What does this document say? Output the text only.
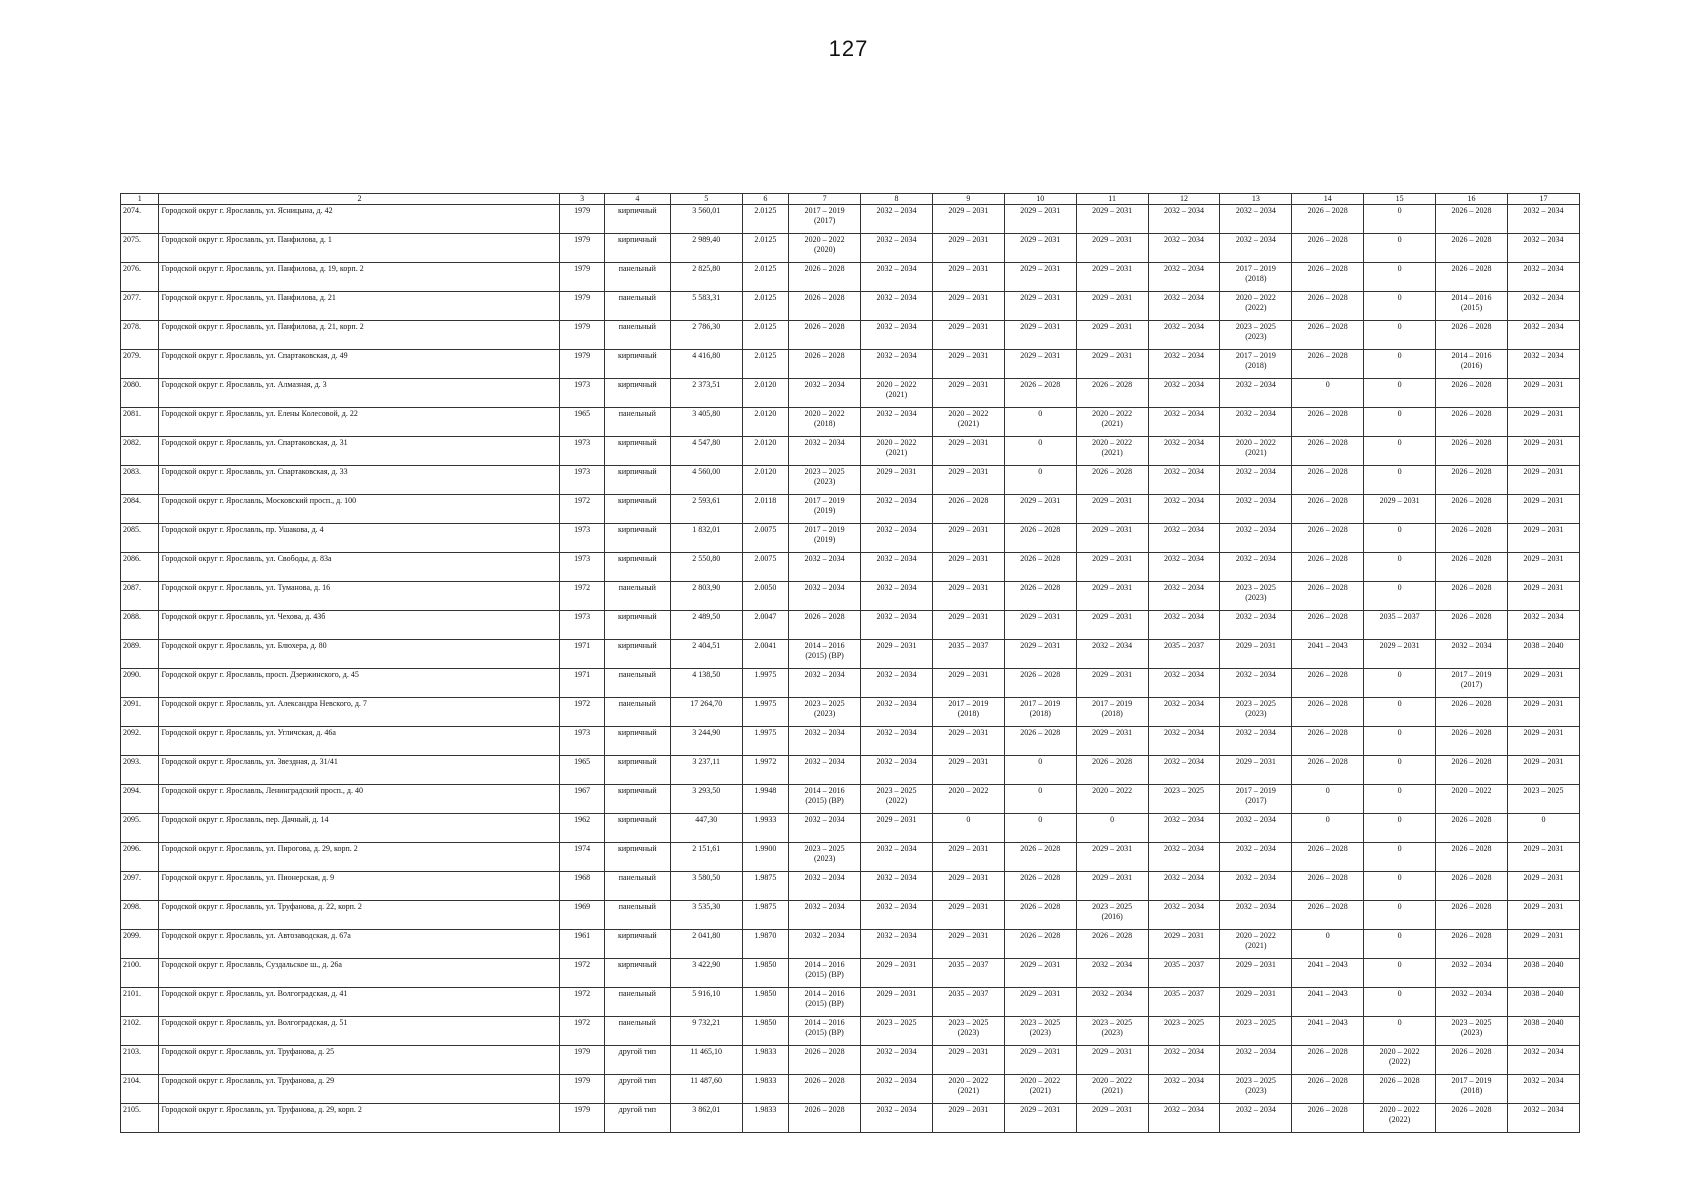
127
1	2	3	4	5	6	7	8	9	10	11	12	13	14	15	16	17
2074.	Городской округ г. Ярославль, ул. Ясницына, д. 42	1979	кирпичный	3 560,01	2.0125	2017 – 2019
(2017)	2032 – 2034	2029 – 2031	2029 – 2031	2029 – 2031	2032 – 2034	2032 – 2034	2026 – 2028	0	2026 – 2028	2032 – 2034
2075.	Городской округ г. Ярославль, ул. Панфилова, д. 1	1979	кирпичный	2 989,40	2.0125	2020 – 2022
(2020)	2032 – 2034	2029 – 2031	2029 – 2031	2029 – 2031	2032 – 2034	2032 – 2034	2026 – 2028	0	2026 – 2028	2032 – 2034
2076.	Городской округ г. Ярославль, ул. Панфилова, д. 19, корп. 2	1979	панельный	2 825,80	2.0125	2026 – 2028	2032 – 2034	2029 – 2031	2029 – 2031	2029 – 2031	2032 – 2034	2017 – 2019
(2018)	2026 – 2028	0	2026 – 2028	2032 – 2034
2077.	Городской округ г. Ярославль, ул. Панфилова, д. 21	1979	панельный	5 583,31	2.0125	2026 – 2028	2032 – 2034	2029 – 2031	2029 – 2031	2029 – 2031	2032 – 2034	2020 – 2022
(2022)	2026 – 2028	0	2014 – 2016
(2015)	2032 – 2034
2078.	Городской округ г. Ярославль, ул. Панфилова, д. 21, корп. 2	1979	панельный	2 786,30	2.0125	2026 – 2028	2032 – 2034	2029 – 2031	2029 – 2031	2029 – 2031	2032 – 2034	2023 – 2025
(2023)	2026 – 2028	0	2026 – 2028	2032 – 2034
2079.	Городской округ г. Ярославль, ул. Спартаковская, д. 49	1979	кирпичный	4 416,80	2.0125	2026 – 2028	2032 – 2034	2029 – 2031	2029 – 2031	2029 – 2031	2032 – 2034	2017 – 2019
(2018)	2026 – 2028	0	2014 – 2016
(2016)	2032 – 2034
2080.	Городской округ г. Ярославль, ул. Алмазная, д. 3	1973	кирпичный	2 373,51	2.0120	2032 – 2034	2020 – 2022
(2021)	2029 – 2031	2026 – 2028	2026 – 2028	2032 – 2034	2032 – 2034	0	0	2026 – 2028	2029 – 2031
2081.	Городской округ г. Ярославль, ул. Елены Колесовой, д. 22	1965	панельный	3 405,80	2.0120	2020 – 2022
(2018)	2032 – 2034	2020 – 2022
(2021)	0	2020 – 2022
(2021)	2032 – 2034	2032 – 2034	2026 – 2028	0	2026 – 2028	2029 – 2031
2082.	Городской округ г. Ярославль, ул. Спартаковская, д. 31	1973	кирпичный	4 547,80	2.0120	2032 – 2034	2020 – 2022
(2021)	2029 – 2031	0	2020 – 2022
(2021)	2032 – 2034	2020 – 2022
(2021)	2026 – 2028	0	2026 – 2028	2029 – 2031
2083.	Городской округ г. Ярославль, ул. Спартаковская, д. 33	1973	кирпичный	4 560,00	2.0120	2023 – 2025
(2023)	2029 – 2031	2029 – 2031	0	2026 – 2028	2032 – 2034	2032 – 2034	2026 – 2028	0	2026 – 2028	2029 – 2031
2084.	Городской округ г. Ярославль, Московский просп., д. 100	1972	кирпичный	2 593,61	2.0118	2017 – 2019
(2019)	2032 – 2034	2026 – 2028	2029 – 2031	2029 – 2031	2032 – 2034	2032 – 2034	2026 – 2028	2029 – 2031	2026 – 2028	2029 – 2031
2085.	Городской округ г. Ярославль, пр. Ушакова, д. 4	1973	кирпичный	1 832,01	2.0075	2017 – 2019
(2019)	2032 – 2034	2029 – 2031	2026 – 2028	2029 – 2031	2032 – 2034	2032 – 2034	2026 – 2028	0	2026 – 2028	2029 – 2031
2086.	Городской округ г. Ярославль, ул. Свободы, д. 83а	1973	кирпичный	2 550,80	2.0075	2032 – 2034	2032 – 2034	2029 – 2031	2026 – 2028	2029 – 2031	2032 – 2034	2032 – 2034	2026 – 2028	0	2026 – 2028	2029 – 2031
2087.	Городской округ г. Ярославль, ул. Туманова, д. 16	1972	панельный	2 803,90	2.0050	2032 – 2034	2032 – 2034	2029 – 2031	2026 – 2028	2029 – 2031	2032 – 2034	2023 – 2025
(2023)	2026 – 2028	0	2026 – 2028	2029 – 2031
2088.	Городской округ г. Ярославль, ул. Чехова, д. 43б	1973	кирпичный	2 489,50	2.0047	2026 – 2028	2032 – 2034	2029 – 2031	2029 – 2031	2029 – 2031	2032 – 2034	2032 – 2034	2026 – 2028	2035 – 2037	2026 – 2028	2032 – 2034
2089.	Городской округ г. Ярославль, ул. Блюхера, д. 80	1971	кирпичный	2 404,51	2.0041	2014 – 2016
(2015) (ВР)	2029 – 2031	2035 – 2037	2029 – 2031	2032 – 2034	2035 – 2037	2029 – 2031	2041 – 2043	2029 – 2031	2032 – 2034	2038 – 2040
2090.	Городской округ г. Ярославль, просп. Дзержинского, д. 45	1971	панельный	4 138,50	1.9975	2032 – 2034	2032 – 2034	2029 – 2031	2026 – 2028	2029 – 2031	2032 – 2034	2032 – 2034	2026 – 2028	0	2017 – 2019
(2017)	2029 – 2031
2091.	Городской округ г. Ярославль, ул. Александра Невского, д. 7	1972	панельный	17 264,70	1.9975	2023 – 2025
(2023)	2032 – 2034	2017 – 2019
(2018)	2017 – 2019
(2018)	2017 – 2019
(2018)	2032 – 2034	2023 – 2025
(2023)	2026 – 2028	0	2026 – 2028	2029 – 2031
2092.	Городской округ г. Ярославль, ул. Угличская, д. 46а	1973	кирпичный	3 244,90	1.9975	2032 – 2034	2032 – 2034	2029 – 2031	2026 – 2028	2029 – 2031	2032 – 2034	2032 – 2034	2026 – 2028	0	2026 – 2028	2029 – 2031
2093.	Городской округ г. Ярославль, ул. Звездная, д. 31/41	1965	кирпичный	3 237,11	1.9972	2032 – 2034	2032 – 2034	2029 – 2031	0	2026 – 2028	2032 – 2034	2029 – 2031	2026 – 2028	0	2026 – 2028	2029 – 2031
2094.	Городской округ г. Ярославль, Ленинградский просп., д. 40	1967	кирпичный	3 293,50	1.9948	2014 – 2016
(2015) (ВР)	2023 – 2025
(2022)	2020 – 2022	0	2020 – 2022	2023 – 2025	2017 – 2019
(2017)	0	0	2020 – 2022	2023 – 2025
2095.	Городской округ г. Ярославль, пер. Дачный, д. 14	1962	кирпичный	447,30	1.9933	2032 – 2034	2029 – 2031	0	0	0	2032 – 2034	2032 – 2034	0	0	2026 – 2028	0
2096.	Городской округ г. Ярославль, ул. Пирогова, д. 29, корп. 2	1974	кирпичный	2 151,61	1.9900	2023 – 2025
(2023)	2032 – 2034	2029 – 2031	2026 – 2028	2029 – 2031	2032 – 2034	2032 – 2034	2026 – 2028	0	2026 – 2028	2029 – 2031
2097.	Городской округ г. Ярославль, ул. Пионерская, д. 9	1968	панельный	3 580,50	1.9875	2032 – 2034	2032 – 2034	2029 – 2031	2026 – 2028	2029 – 2031	2032 – 2034	2032 – 2034	2026 – 2028	0	2026 – 2028	2029 – 2031
2098.	Городской округ г. Ярославль, ул. Труфанова, д. 22, корп. 2	1969	панельный	3 535,30	1.9875	2032 – 2034	2032 – 2034	2029 – 2031	2026 – 2028	2023 – 2025
(2016)	2032 – 2034	2032 – 2034	2026 – 2028	0	2026 – 2028	2029 – 2031
2099.	Городской округ г. Ярославль, ул. Автозаводская, д. 67а	1961	кирпичный	2 041,80	1.9870	2032 – 2034	2032 – 2034	2029 – 2031	2026 – 2028	2026 – 2028	2029 – 2031	2020 – 2022
(2021)	0	0	2026 – 2028	2029 – 2031
2100.	Городской округ г. Ярославль, Суздальское ш., д. 26а	1972	кирпичный	3 422,90	1.9850	2014 – 2016
(2015) (ВР)	2029 – 2031	2035 – 2037	2029 – 2031	2032 – 2034	2035 – 2037	2029 – 2031	2041 – 2043	0	2032 – 2034	2038 – 2040
2101.	Городской округ г. Ярославль, ул. Волгоградская, д. 41	1972	панельный	5 916,10	1.9850	2014 – 2016
(2015) (ВР)	2029 – 2031	2035 – 2037	2029 – 2031	2032 – 2034	2035 – 2037	2029 – 2031	2041 – 2043	0	2032 – 2034	2038 – 2040
2102.	Городской округ г. Ярославль, ул. Волгоградская, д. 51	1972	панельный	9 732,21	1.9850	2014 – 2016
(2015) (ВР)	2023 – 2025	2023 – 2025
(2023)	2023 – 2025
(2023)	2023 – 2025
(2023)	2023 – 2025	2023 – 2025	2041 – 2043	0	2023 – 2025
(2023)	2038 – 2040
2103.	Городской округ г. Ярославль, ул. Труфанова, д. 25	1979	другой тип	11 465,10	1.9833	2026 – 2028	2032 – 2034	2029 – 2031	2029 – 2031	2029 – 2031	2032 – 2034	2032 – 2034	2026 – 2028	2020 – 2022
(2022)	2026 – 2028	2032 – 2034
2104.	Городской округ г. Ярославль, ул. Труфанова, д. 29	1979	другой тип	11 487,60	1.9833	2026 – 2028	2032 – 2034	2020 – 2022
(2021)	2020 – 2022
(2021)	2020 – 2022
(2021)	2032 – 2034	2023 – 2025
(2023)	2026 – 2028	2026 – 2028	2017 – 2019
(2018)	2032 – 2034
2105.	Городской округ г. Ярославль, ул. Труфанова, д. 29, корп. 2	1979	другой тип	3 862,01	1.9833	2026 – 2028	2032 – 2034	2029 – 2031	2029 – 2031	2029 – 2031	2032 – 2034	2032 – 2034	2026 – 2028	2020 – 2022
(2022)	2026 – 2028	2032 – 2034
